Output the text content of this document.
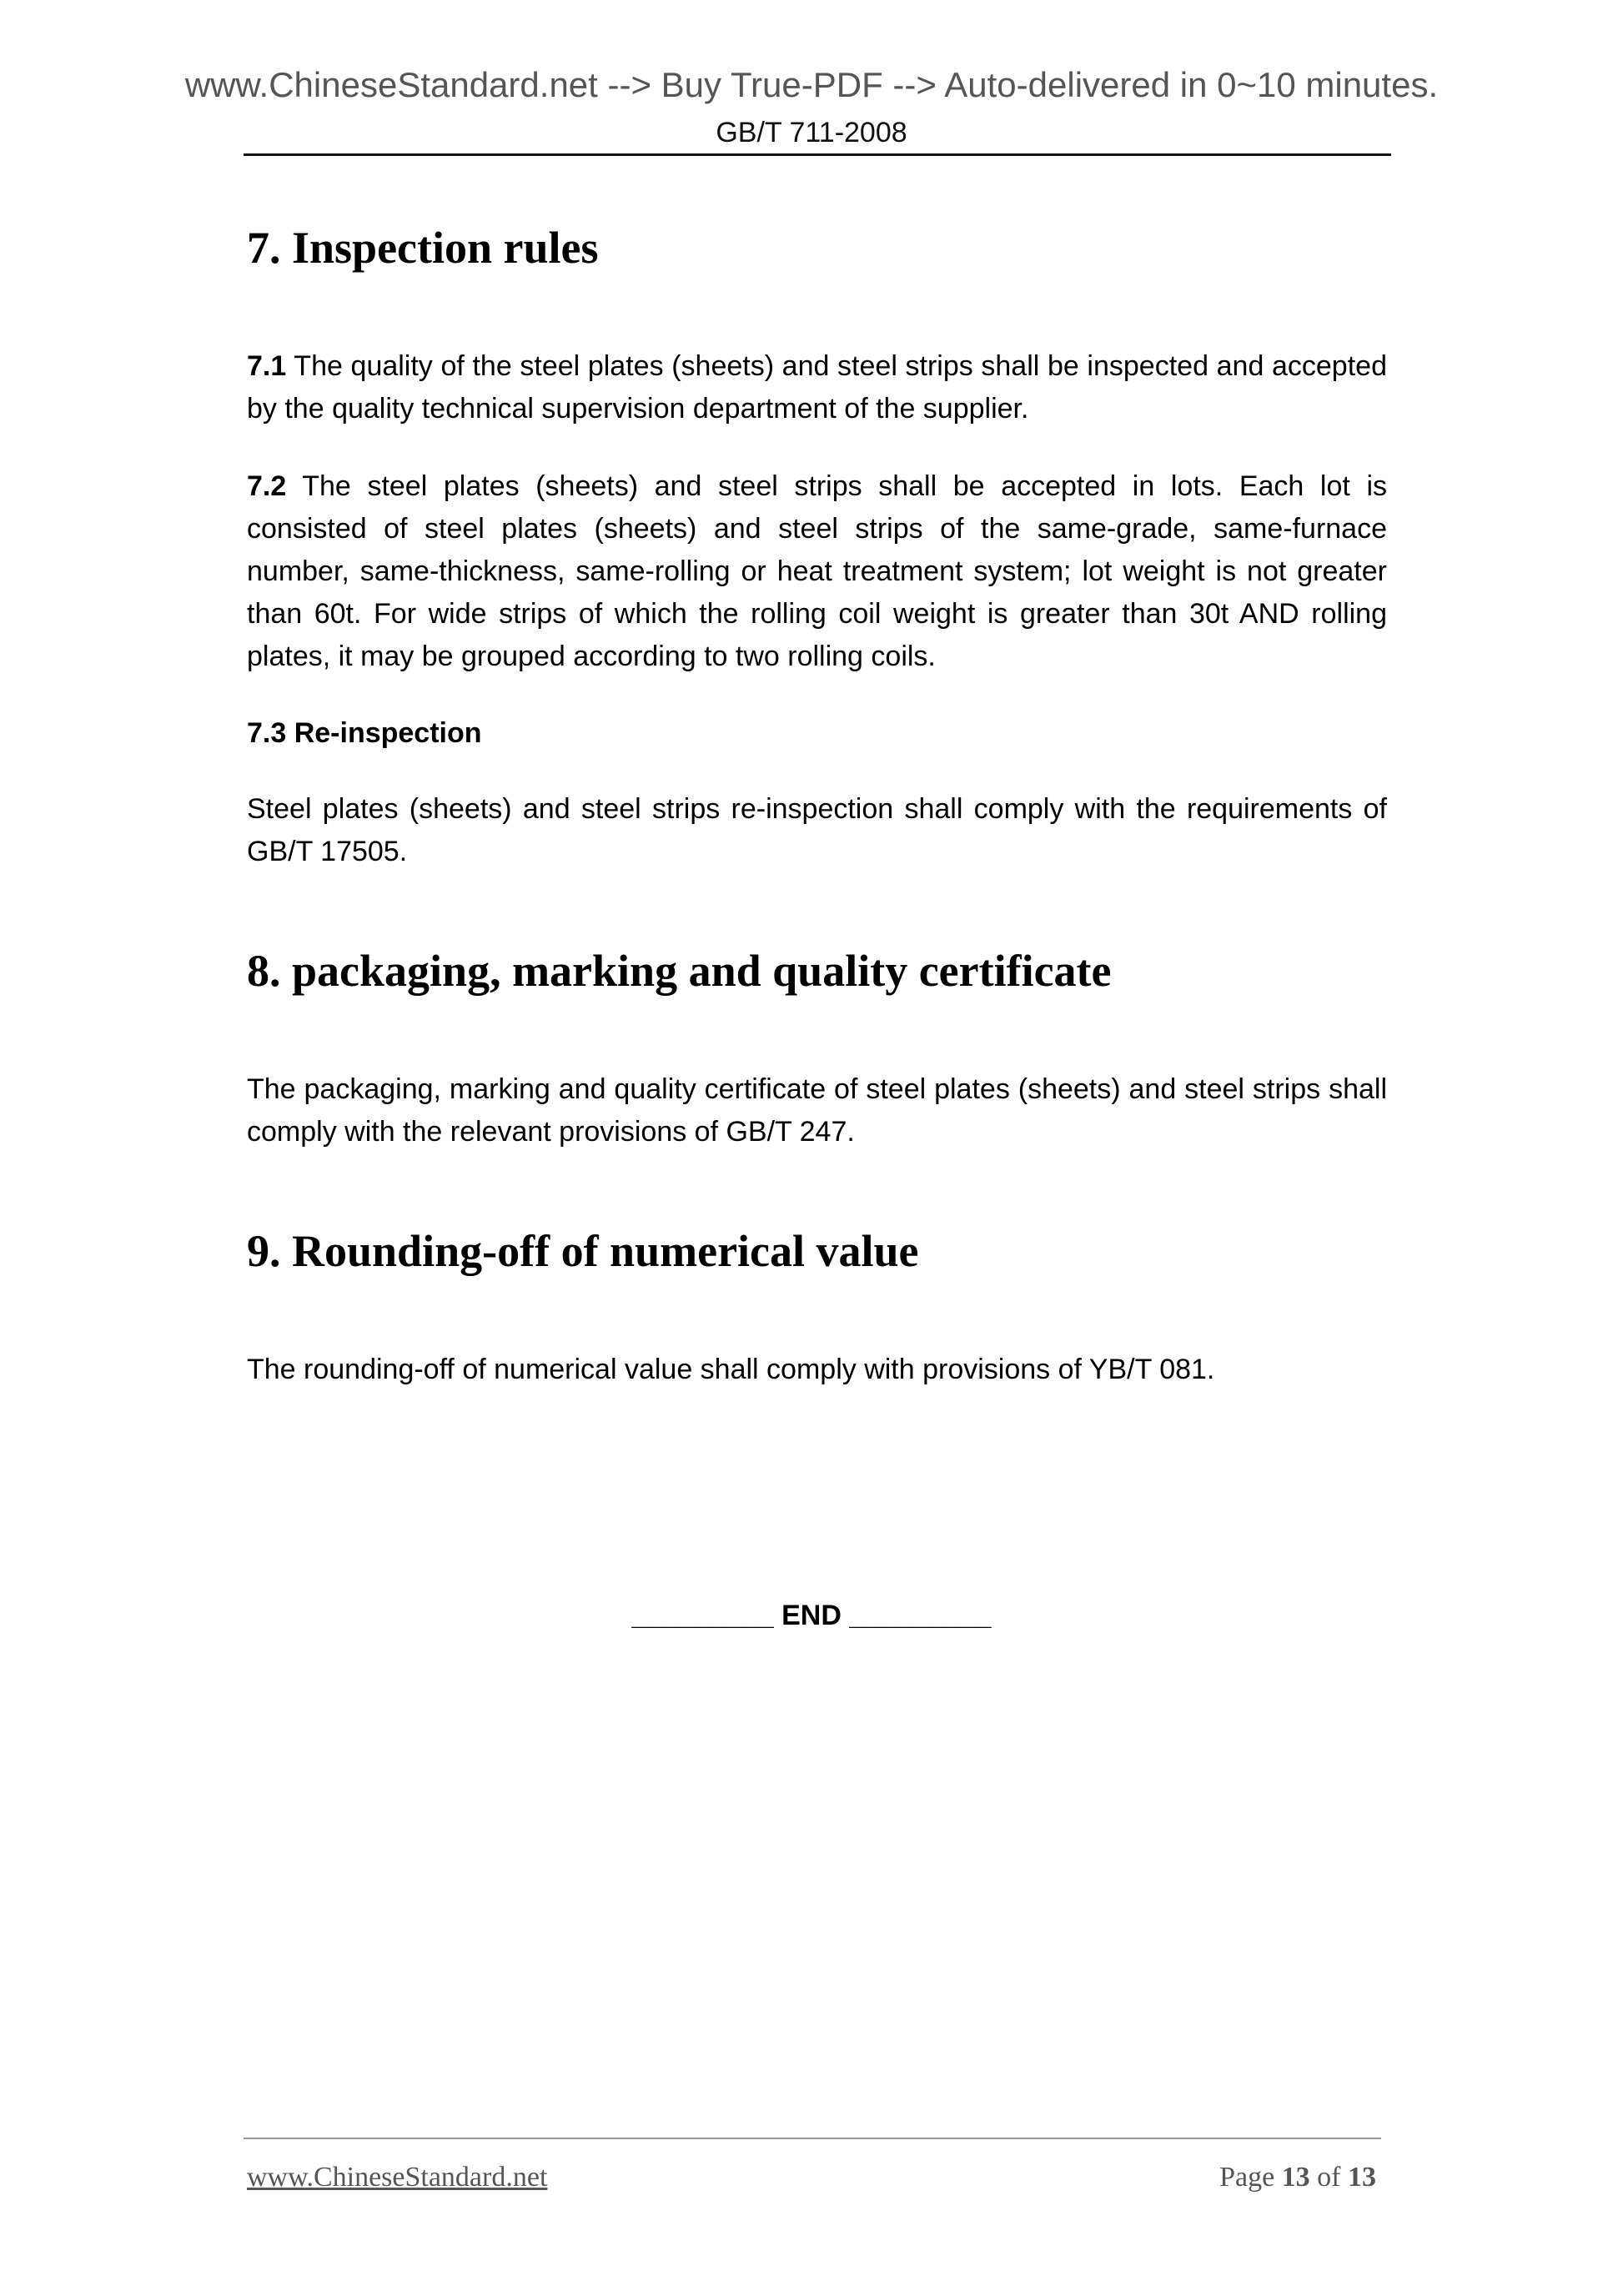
www.ChineseStandard.net --> Buy True-PDF --> Auto-delivered in 0~10 minutes.
GB/T 711-2008
7. Inspection rules
7.1 The quality of the steel plates (sheets) and steel strips shall be inspected and accepted by the quality technical supervision department of the supplier.
7.2 The steel plates (sheets) and steel strips shall be accepted in lots. Each lot is consisted of steel plates (sheets) and steel strips of the same-grade, same-furnace number, same-thickness, same-rolling or heat treatment system; lot weight is not greater than 60t. For wide strips of which the rolling coil weight is greater than 30t AND rolling plates, it may be grouped according to two rolling coils.
7.3 Re-inspection
Steel plates (sheets) and steel strips re-inspection shall comply with the requirements of GB/T 17505.
8. packaging, marking and quality certificate
The packaging, marking and quality certificate of steel plates (sheets) and steel strips shall comply with the relevant provisions of GB/T 247.
9. Rounding-off of numerical value
The rounding-off of numerical value shall comply with provisions of YB/T 081.
_________ END _________
www.ChineseStandard.net	Page 13 of 13
